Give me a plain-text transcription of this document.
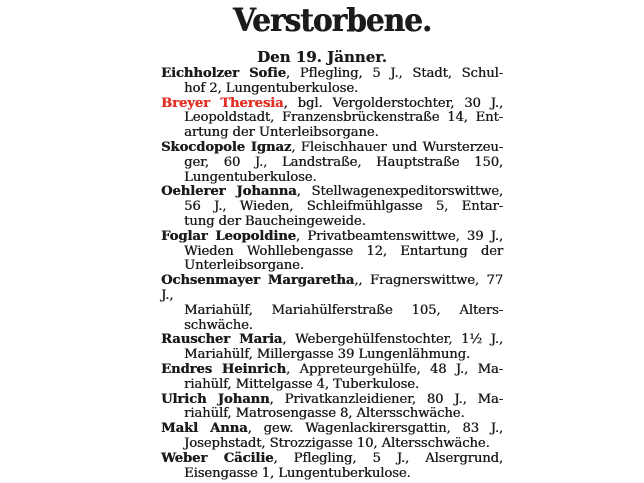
Verstorbene.
Den 19. Jänner.
Eichholzer Sofie, Pflegling, 5 J., Stadt, Schul-
hof 2, Lungentuberkulose.
Breyer Theresia, bgl. Vergolderstochter, 30 J.,
Leopoldstadt, Franzensbrückenstraße 14, Ent-
artung der Unterleibsorgane.
Skocdopole Ignaz, Fleischhauer und Wursterzeu-
ger, 60 J., Landstraße, Hauptstraße 150,
Lungentuberkulose.
Oehlerer Johanna, Stellwagenexpeditorswittwe,
56 J., Wieden, Schleifmühlgasse 5, Entar-
tung der Baucheingeweide.
Foglar Leopoldine, Privatbeamtenswittwe, 39 J.,
Wieden Wohllebengasse 12, Entartung der
Unterleibsorgane.
Ochsenmayer Margaretha,, Fragnerswittwe, 77 J.,
Mariahülf, Mariahülferstraße 105, Alters-
schwäche.
Rauscher Maria, Webergehülfenstochter, 1½ J.,
Mariahülf, Millergasse 39 Lungenlähmung.
Endres Heinrich, Appreteurgehülfe, 48 J., Ma-
riahülf, Mittelgasse 4, Tuberkulose.
Ulrich Johann, Privatkanzleidiener, 80 J., Ma-
riahülf, Matrosengasse 8, Altersschwäche.
Makl Anna, gew. Wagenlackirersgattin, 83 J.,
Josephstadt, Strozzigasse 10, Altersschwäche.
Weber Cäcilie, Pflegling, 5 J., Alsergrund,
Eisengasse 1, Lungentuberkulose.
